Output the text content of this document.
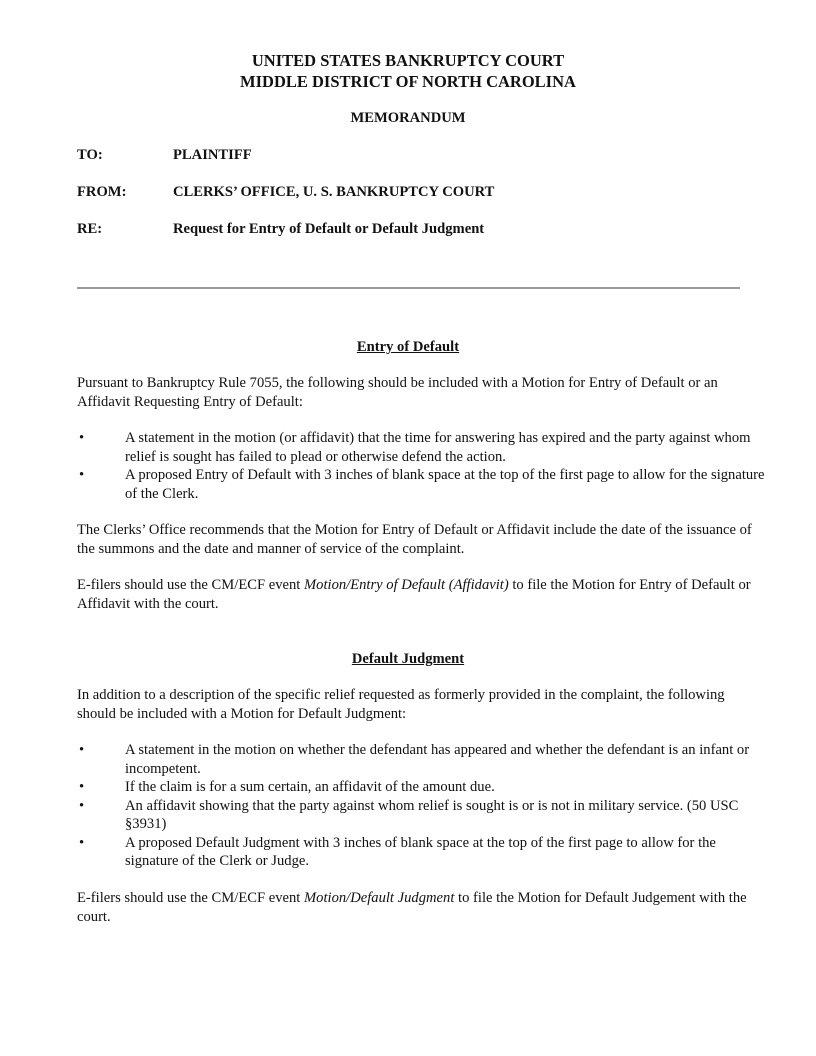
UNITED STATES BANKRUPTCY COURT
MIDDLE DISTRICT OF NORTH CAROLINA
MEMORANDUM
TO:	PLAINTIFF
FROM:	CLERKS’ OFFICE, U. S. BANKRUPTCY COURT
RE:	Request for Entry of Default or Default Judgment
Entry of Default

Pursuant to Bankruptcy Rule 7055, the following should be included with a Motion for Entry of Default or an Affidavit Requesting Entry of Default:

•	A statement in the motion (or affidavit) that the time for answering has expired and the party against whom relief is sought has failed to plead or otherwise defend the action.
•	A proposed Entry of Default with 3 inches of blank space at the top of the first page to allow for the signature of the Clerk.

The Clerks’ Office recommends that the Motion for Entry of Default or Affidavit include the date of the issuance of the summons and the date and manner of service of the complaint.

E-filers should use the CM/ECF event Motion/Entry of Default (Affidavit) to file the Motion for Entry of Default or Affidavit with the court.

Default Judgment

In addition to a description of the specific relief requested as formerly provided in the complaint, the following should be included with a Motion for Default Judgment:

•	A statement in the motion on whether the defendant has appeared and whether the defendant is an infant or incompetent.
•	If the claim is for a sum certain, an affidavit of the amount due.
•	An affidavit showing that the party against whom relief is sought is or is not in military service. (50 USC §3931)
•	A proposed Default Judgment with 3 inches of blank space at the top of the first page to allow for the signature of the Clerk or Judge.

E-filers should use the CM/ECF event Motion/Default Judgment to file the Motion for Default Judgement with the court.
